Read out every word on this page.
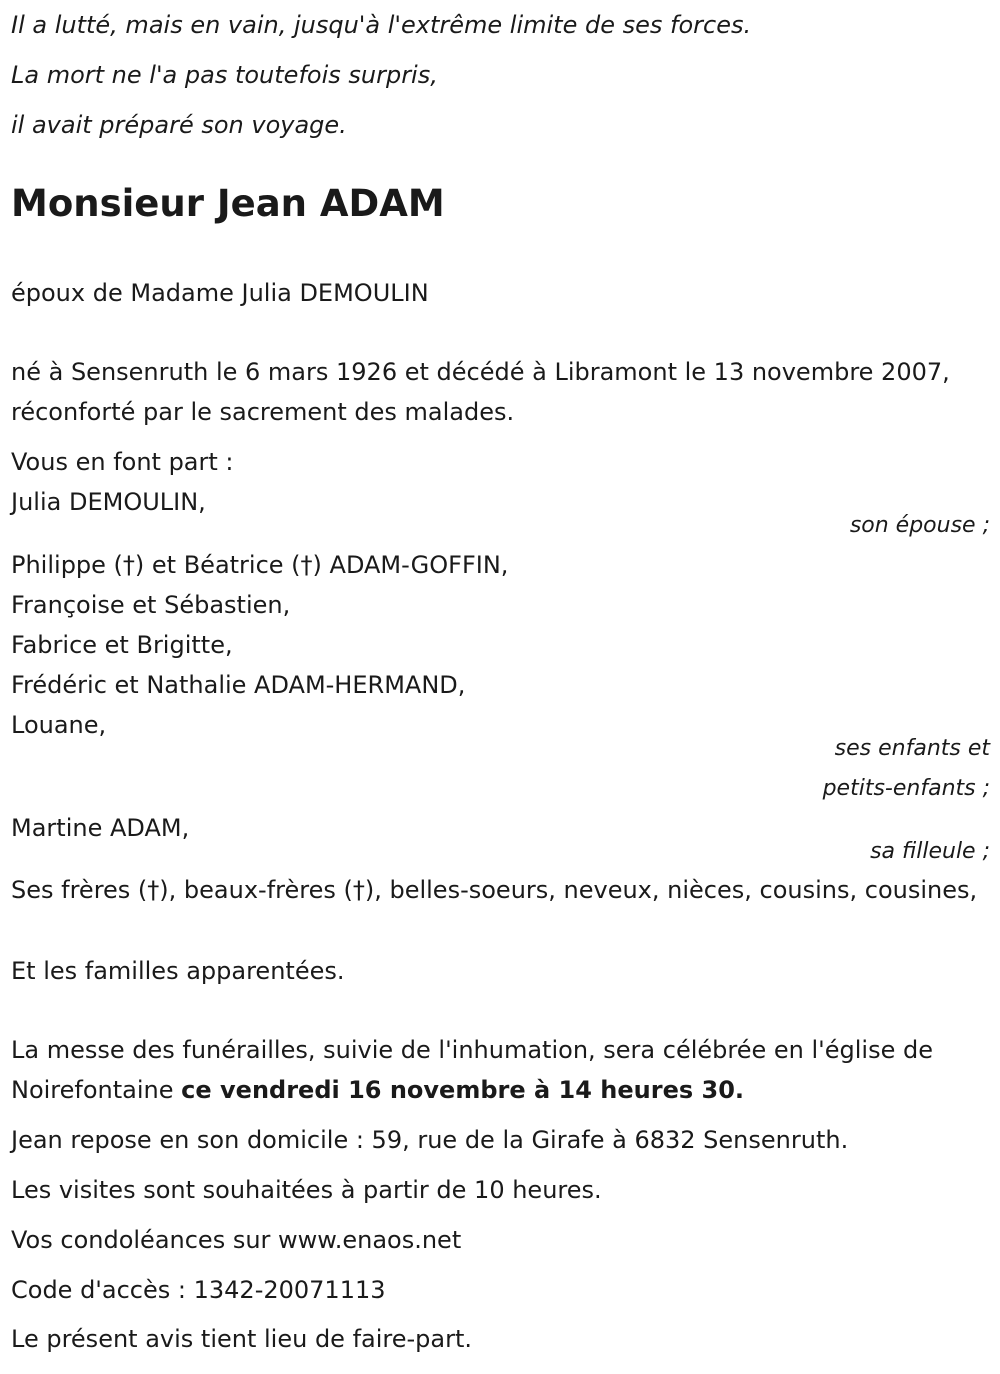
Il a lutté, mais en vain, jusqu'à l'extrême limite de ses forces.
La mort ne l'a pas toutefois surpris,
il avait préparé son voyage.
Monsieur Jean ADAM
époux de Madame Julia DEMOULIN
né à Sensenruth le 6 mars 1926 et décédé à Libramont le 13 novembre 2007, réconforté par le sacrement des malades.
Vous en font part :
Julia DEMOULIN,
son épouse ;
Philippe (†) et Béatrice (†) ADAM-GOFFIN,
Françoise et Sébastien,
Fabrice et Brigitte,
Frédéric et Nathalie ADAM-HERMAND,
Louane,
ses enfants et
petits-enfants ;
Martine ADAM,
sa filleule ;
Ses frères (†), beaux-frères (†), belles-soeurs, neveux, nièces, cousins, cousines,
Et les familles apparentées.
La messe des funérailles, suivie de l'inhumation, sera célébrée en l'église de Noirefontaine ce vendredi 16 novembre à 14 heures 30.
Jean repose en son domicile : 59, rue de la Girafe à 6832 Sensenruth.
Les visites sont souhaitées à partir de 10 heures.
Vos condoléances sur www.enaos.net
Code d'accès : 1342-20071113
Le présent avis tient lieu de faire-part.
